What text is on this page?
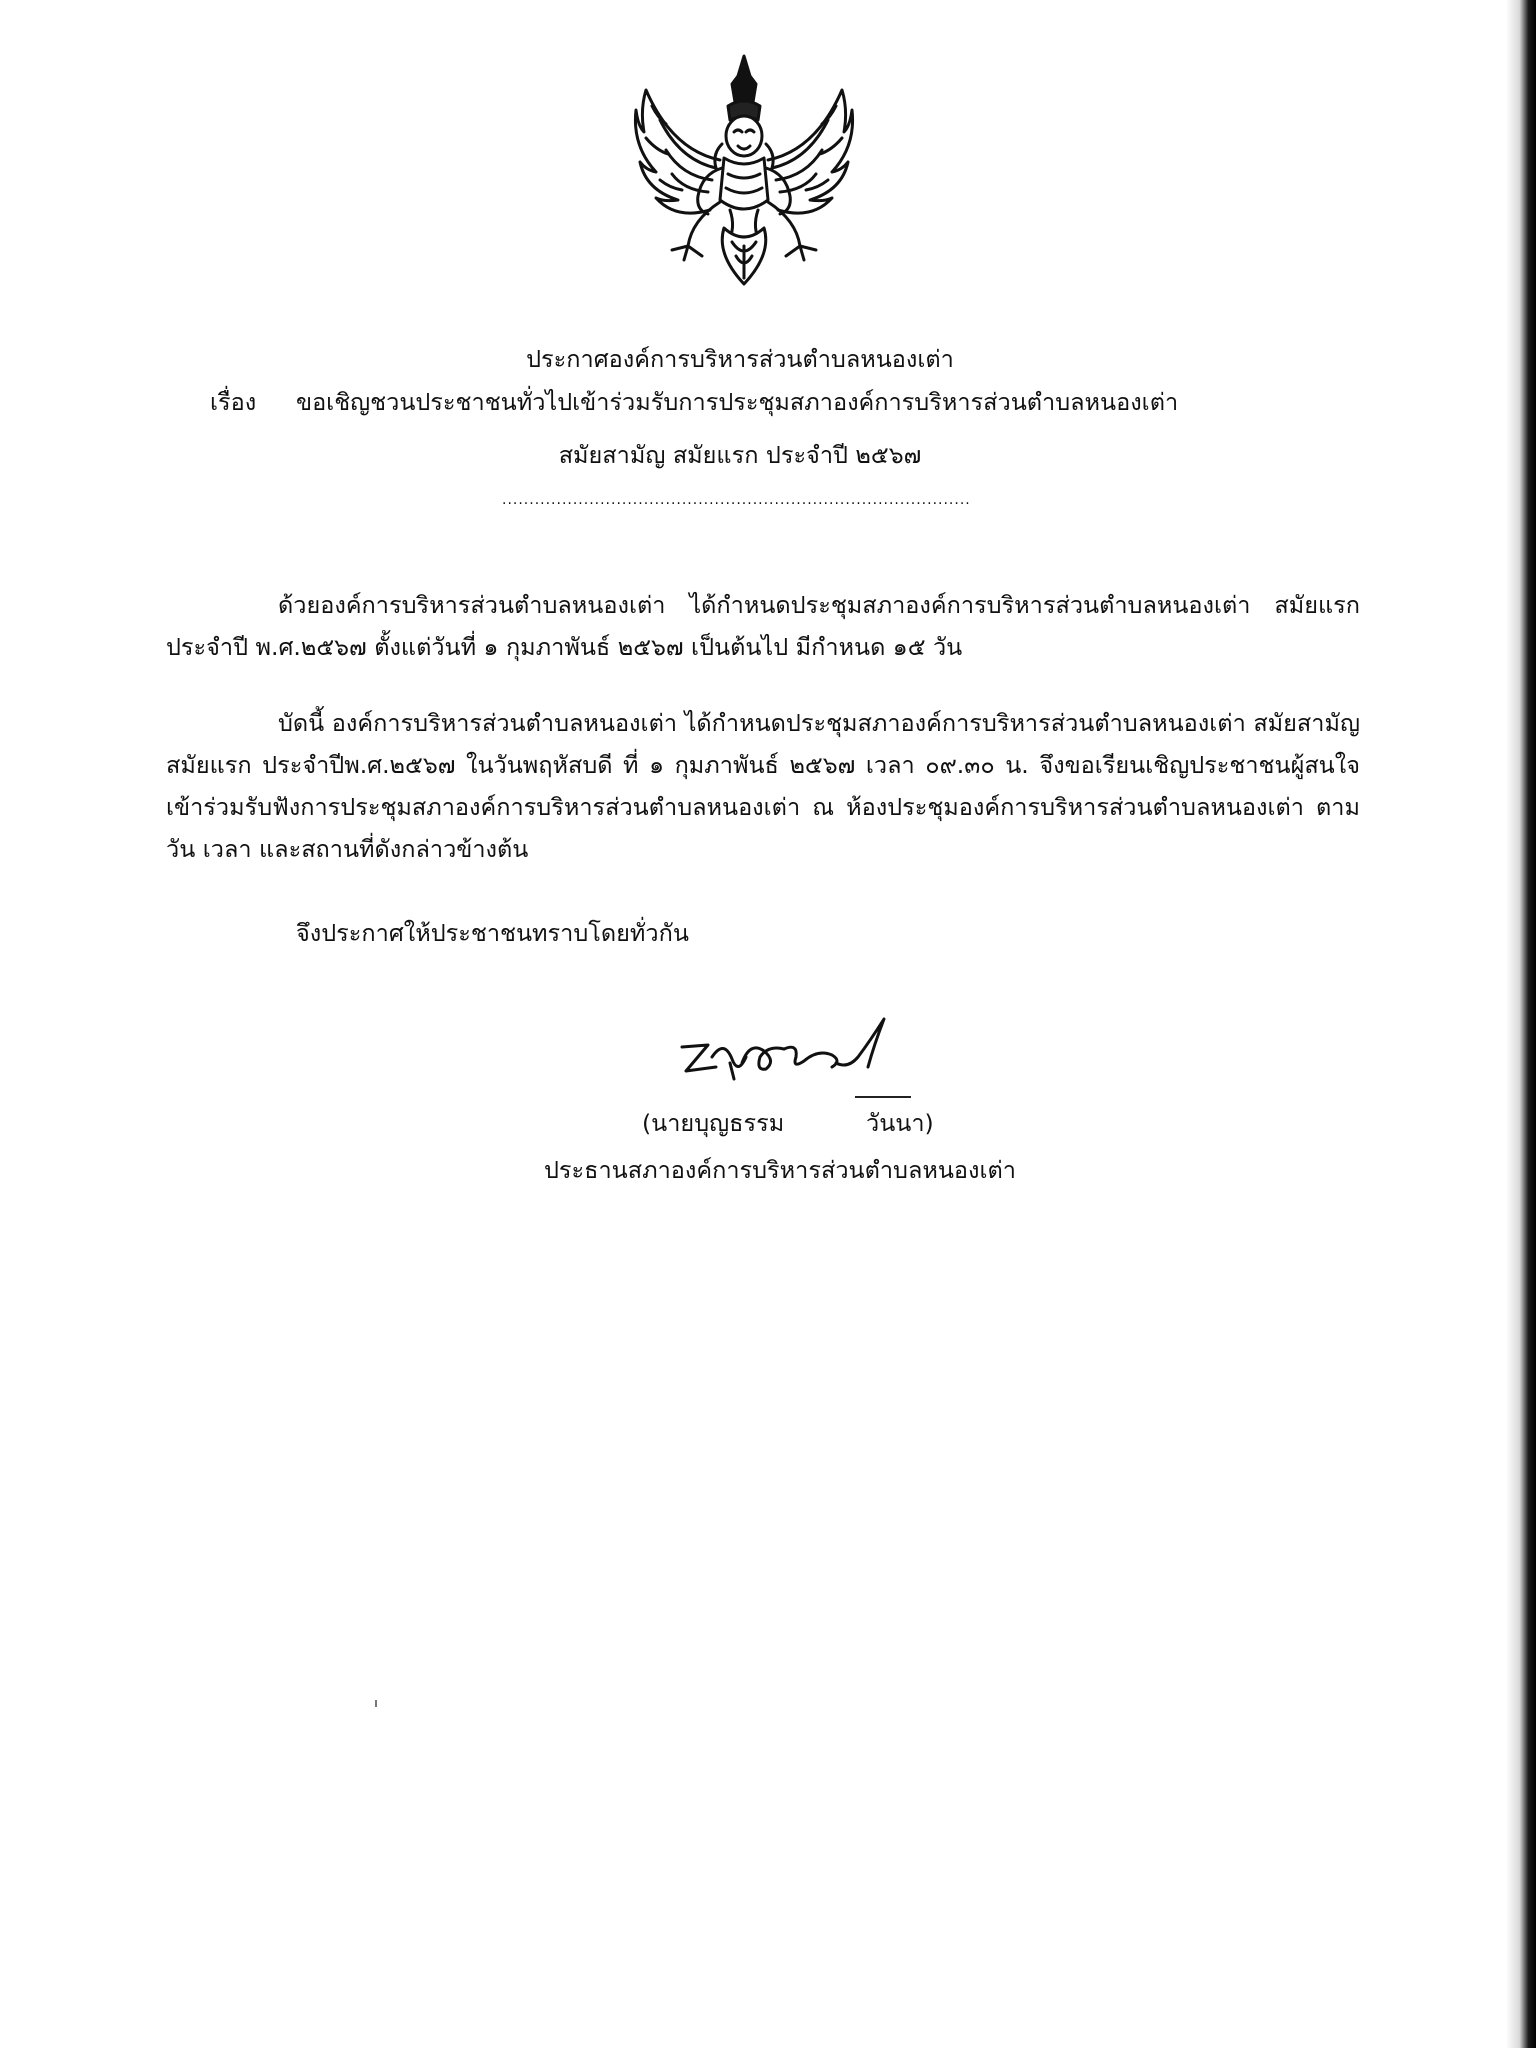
ประกาศองค์การบริหารส่วนตำบลหนองเต่า
เรื่อง ขอเชิญชวนประชาชนทั่วไปเข้าร่วมรับการประชุมสภาองค์การบริหารส่วนตำบลหนองเต่า
สมัยสามัญ สมัยแรก ประจำปี ๒๕๖๗
......................................................................................
ด้วยองค์การบริหารส่วนตำบลหนองเต่า ได้กำหนดประชุมสภาองค์การบริหารส่วนตำบลหนองเต่า สมัยแรก ประจำปี พ.ศ.๒๕๖๗ ตั้งแต่วันที่ ๑ กุมภาพันธ์ ๒๕๖๗ เป็นต้นไป มีกำหนด ๑๕ วัน
บัดนี้ องค์การบริหารส่วนตำบลหนองเต่า ได้กำหนดประชุมสภาองค์การบริหารส่วนตำบลหนองเต่า สมัยสามัญ สมัยแรก ประจำปีพ.ศ.๒๕๖๗ ในวันพฤหัสบดี ที่ ๑ กุมภาพันธ์ ๒๕๖๗ เวลา ๐๙.๓๐ น. จึงขอเรียนเชิญประชาชนผู้สนใจเข้าร่วมรับฟังการประชุมสภาองค์การบริหารส่วนตำบลหนองเต่า ณ ห้องประชุมองค์การบริหารส่วนตำบลหนองเต่า ตามวัน เวลา และสถานที่ดังกล่าวข้างต้น
จึงประกาศให้ประชาชนทราบโดยทั่วกัน
(นายบุญธรรม	วันนา)
ประธานสภาองค์การบริหารส่วนตำบลหนองเต่า
